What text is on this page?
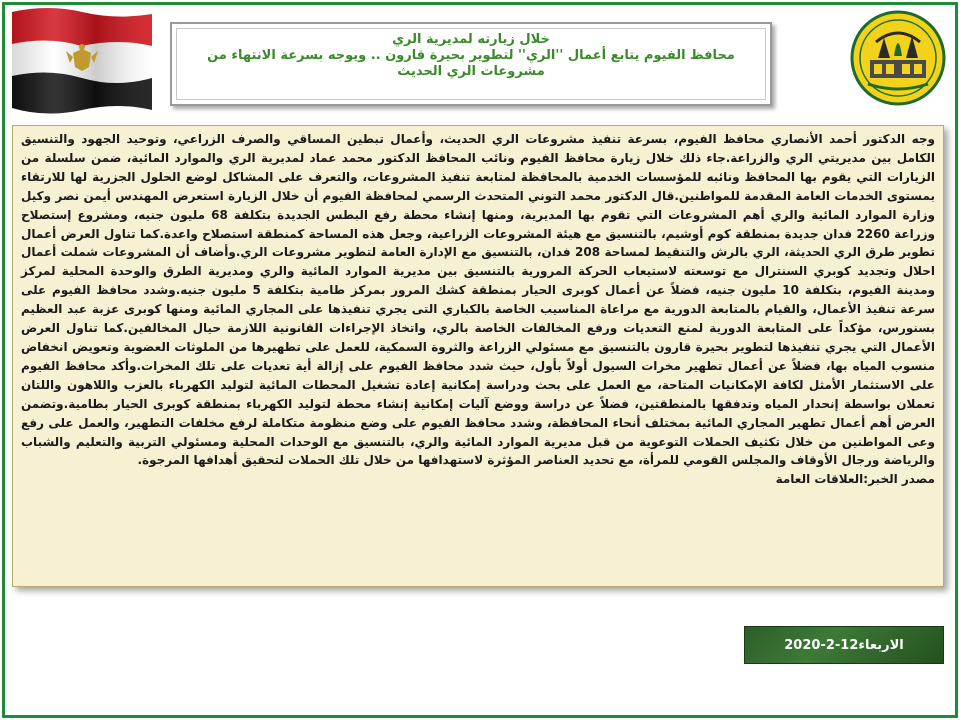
خلال زيارته لمديرية الري
محافظ الفيوم يتابع أعمال ''الري'' لتطوير بحيرة قارون .. ويوجه بسرعة الانتهاء من مشروعات الري الحديث

وجه الدكتور أحمد الأنصاري محافظ الفيوم، بسرعة تنفيذ مشروعات الري الحديث، وأعمال تبطين المساقي والصرف الزراعي، وتوحيد الجهود والتنسيق الكامل بين مديريتي الري والزراعة.جاء ذلك خلال زيارة محافظ الفيوم ونائب المحافظ الدكتور محمد عماد لمديرية الري والموارد المائية، ضمن سلسلة من الزيارات التي يقوم بها المحافظ ونائبه للمؤسسات الخدمية بالمحافظة لمتابعة تنفيذ المشروعات، والتعرف على المشاكل لوضع الحلول الجزرية لها للارتقاء بمستوى الخدمات العامة المقدمة للمواطنين.قال الدكتور محمد التوني المتحدث الرسمي لمحافظة الفيوم أن خلال الزيارة استعرض المهندس أيمن نصر وكيل وزارة الموارد المائية والري أهم المشروعات التي تقوم بها المديرية، ومنها إنشاء محطة رفع البطس الجديدة بتكلفة 68 مليون جنيه، ومشروع إستصلاح وزراعة 2260 فدان جديدة بمنطقة كوم أوشيم، بالتنسيق مع هيئة المشروعات الزراعية، وجعل هذه المساحة كمنطقة استصلاح واعدة.كما تناول العرض أعمال تطوير طرق الري الحديثة، الري بالرش والتنقيط لمساحة 208 فدان، بالتنسيق مع الإدارة العامة لتطوير مشروعات الري.وأضاف أن المشروعات شملت أعمال احلال وتجديد كوبري السنترال مع توسعته لاستيعاب الحركة المرورية بالتنسيق بين مديرية الموارد المائية والري ومديرية الطرق والوحدة المحلية لمركز ومدينة الفيوم، بتكلفة 10 مليون جنيه، فضلاً عن أعمال كوبرى الحيار بمنطقة كشك المرور بمركز طامية بتكلفة 5 مليون جنيه.وشدد محافظ الفيوم على سرعة تنفيذ الأعمال، والقيام بالمتابعة الدورية مع مراعاة المناسيب الخاصة بالكباري التى يجري تنفيذها على المجاري المائية ومنها كوبرى عزبة عبد العظيم بسنورس، مؤكداً على المتابعة الدورية لمنع التعديات ورفع المخالفات الخاصة بالري، واتخاذ الإجراءات القانونية اللازمة حيال المخالفين.كما تناول العرض الأعمال التي يجري تنفيذها لتطوير بحيرة قارون بالتنسيق مع مسئولي الزراعة والثروة السمكية، للعمل على تطهيرها من الملوثات العضوية وتعويض انخفاض منسوب المياه بها، فضلاً عن أعمال تطهير مخرات السيول أولاً بأول، حيث شدد محافظ الفيوم على إزالة أية تعديات على تلك المخرات.وأكد محافظ الفيوم على الاستثمار الأمثل لكافة الإمكانيات المتاحة، مع العمل على بحث ودراسة إمكانية إعادة تشغيل المحطات المائية لتوليد الكهرباء بالعزب واللاهون واللتان تعملان بواسطة إنحدار المياه وتدفقها بالمنطقتين، فضلاً عن دراسة ووضع آليات إمكانية إنشاء محطة لتوليد الكهرباء بمنطقة كوبرى الحيار بطامية.وتضمن العرض أهم أعمال تطهير المجاري المائية بمختلف أنحاء المحافظة، وشدد محافظ الفيوم على وضع منظومة متكاملة لرفع مخلفات التطهير، والعمل على رفع وعى المواطنين من خلال تكثيف الحملات التوعوية من قبل مديرية الموارد المائية والري، بالتنسيق مع الوحدات المحلية ومسئولي التربية والتعليم والشباب والرياضة ورجال الأوقاف والمجلس القومي للمرأة، مع تحديد العناصر المؤثرة لاستهدافها من خلال تلك الحملات لتحقيق أهدافها المرجوة.

مصدر الخبر:العلاقات العامة

الاربعاء12-2-2020
